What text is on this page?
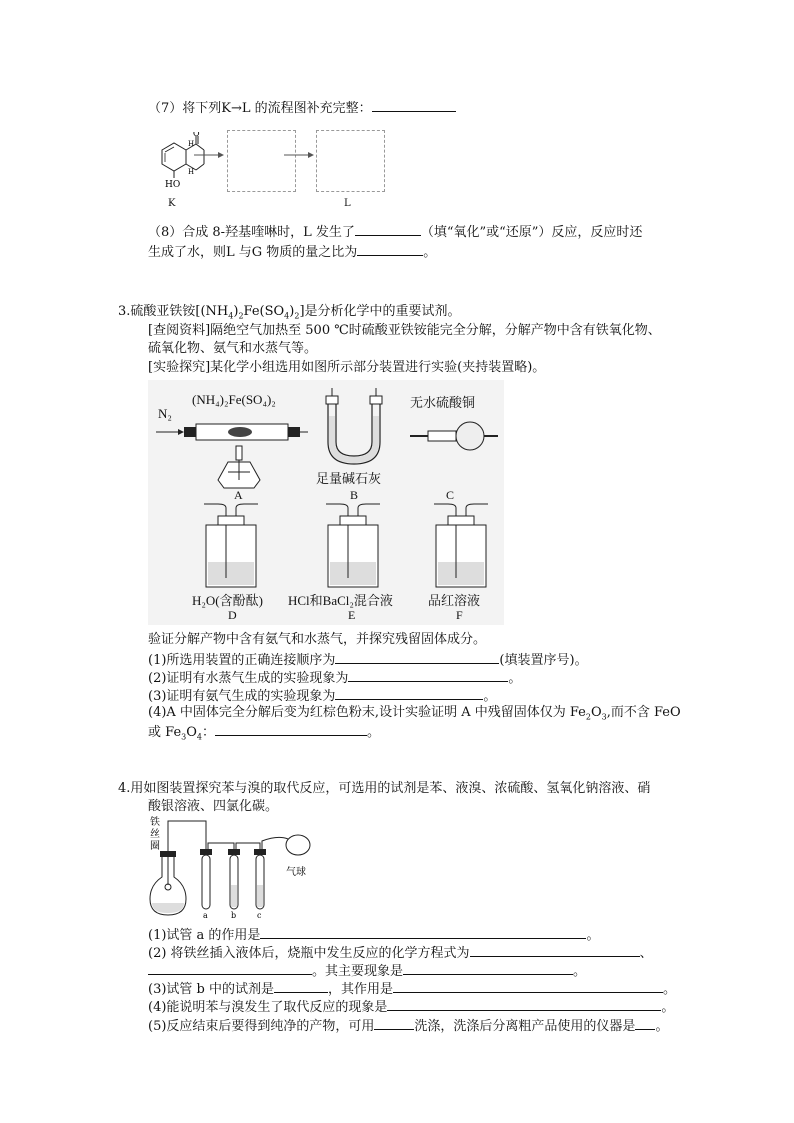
（7）将下列K→L 的流程图补充完整：
O
H
H
HO
K	L
（8）合成 8-羟基喹啉时，L 发生了	（填“氧化”或“还原”）反应，反应时还
生成了水，则L 与G 物质的量之比为	。
3.硫酸亚铁铵$[(NH_4)_2Fe(SO_4)_2]$是分析化学中的重要试剂。
[查阅资料]隔绝空气加热至 500 ℃时硫酸亚铁铵能完全分解，分解产物中含有铁氧化物、
硫氧化物、氨气和水蒸气等。
[实验探究]某化学小组选用如图所示部分装置进行实验(夹持装置略)。
N₂
(NH₄)₂Fe(SO₄)₂	无水硫酸铜
足量碱石灰
A	B	C
H₂O(含酚酞) HCl和BaCl₂混合液	品红溶液
D	E	F
验证分解产物中含有氨气和水蒸气，并探究残留固体成分。
(1)所选用装置的正确连接顺序为	(填装置序号)。
(2)证明有水蒸气生成的实验现象为	。
(3)证明有氨气生成的实验现象为	。
(4)A 中固体完全分解后变为红棕色粉末,设计实验证明 A 中残留固体仅为 $Fe_2O_3$,而不含 FeO
或 $Fe_3O_4$：	。
4.用如图装置探究苯与溴的取代反应，可选用的试剂是苯、液溴、浓硫酸、氢氧化钠溶液、硝
酸银溶液、四氯化碳。
铁
丝
圈
气球
a	b	c
(1)试管 a 的作用是	。
(2) 将铁丝插入液体后，烧瓶中发生反应的化学方程式为	、
。其主要现象是	。
(3)试管 b 中的试剂是	，其作用是	。
(4)能说明苯与溴发生了取代反应的现象是	。
(5)反应结束后要得到纯净的产物，可用	洗涤，洗涤后分离粗产品使用的仪器是 。
